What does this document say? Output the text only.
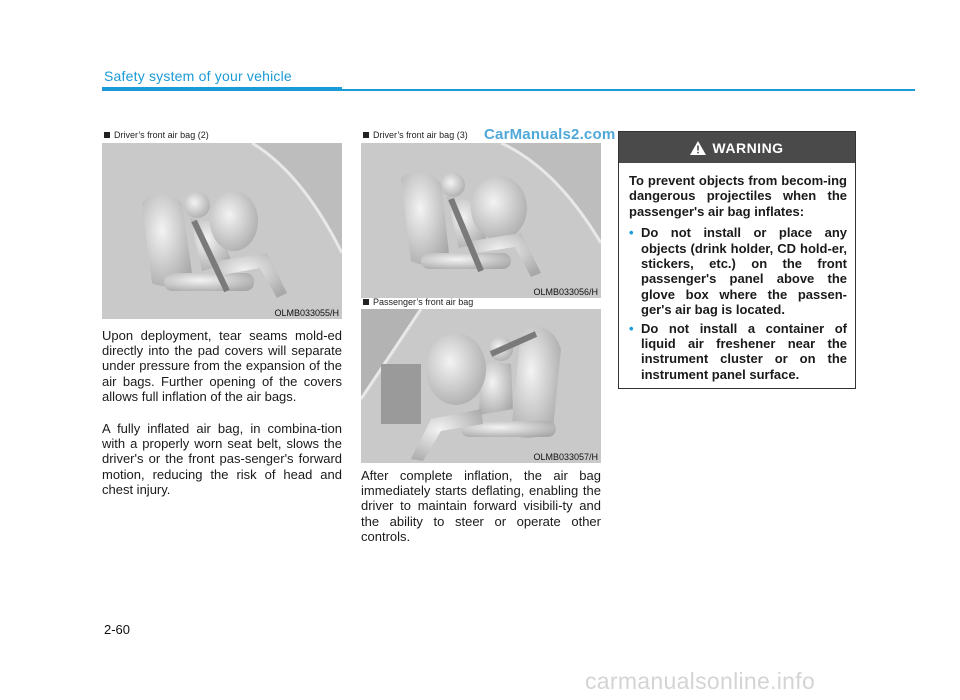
Safety system of your vehicle
Driver’s front air bag (2)
OLMB033055/H

Upon deployment, tear seams mold-ed directly into the pad covers will separate under pressure from the expansion of the air bags. Further opening of the covers allows full inflation of the air bags.

A fully inflated air bag, in combina-tion with a properly worn seat belt, slows the driver's or the front pas-senger's forward motion, reducing the risk of head and chest injury.

Driver’s front air bag (3) CarManuals2.com
OLMB033056/H
Passenger’s front air bag
OLMB033057/H

After complete inflation, the air bag immediately starts deflating, enabling the driver to maintain forward visibili-ty and the ability to steer or operate other controls.

WARNING

To prevent objects from becom-ing dangerous projectiles when the passenger's air bag inflates:

• Do not install or place any objects (drink holder, CD hold-er, stickers, etc.) on the front passenger's panel above the glove box where the passen-ger's air bag is located.
• Do not install a container of liquid air freshener near the instrument cluster or on the instrument panel surface.
2-60
carmanualsonline.info
